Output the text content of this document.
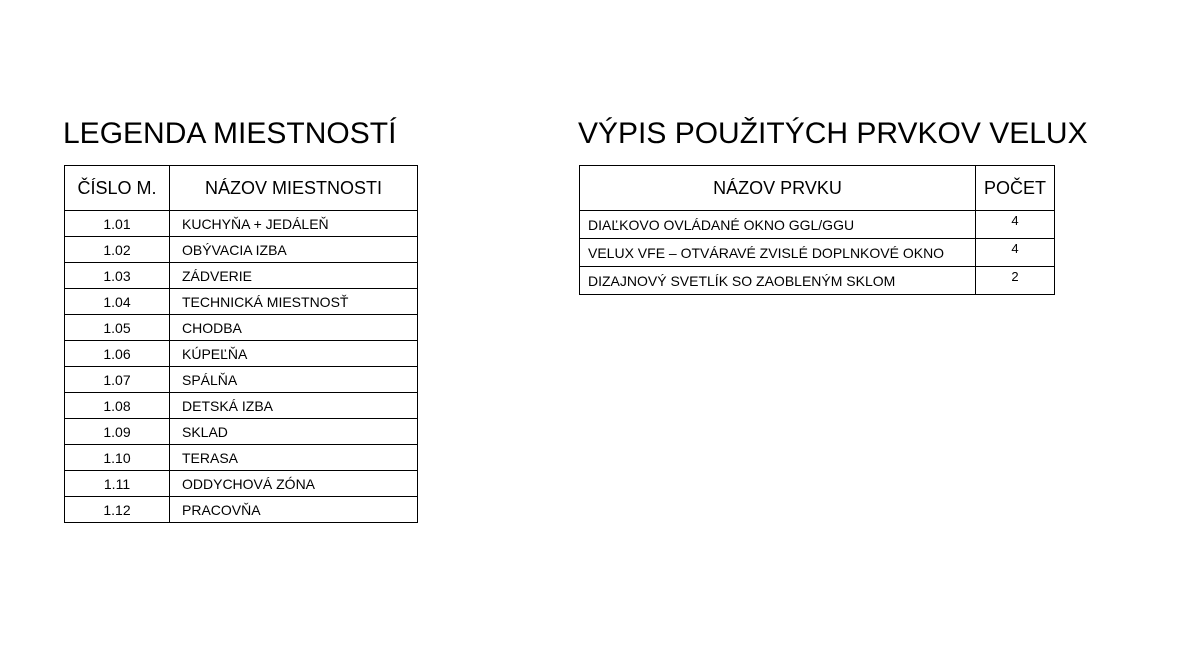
LEGENDA MIESTNOSTÍ
ČÍSLO M.	NÁZOV MIESTNOSTI
1.01	KUCHYŇA + JEDÁLEŇ
1.02	OBÝVACIA IZBA
1.03	ZÁDVERIE
1.04	TECHNICKÁ MIESTNOSŤ
1.05	CHODBA
1.06	KÚPEĽŇA
1.07	SPÁLŇA
1.08	DETSKÁ IZBA
1.09	SKLAD
1.10	TERASA
1.11	ODDYCHOVÁ ZÓNA
1.12	PRACOVŇA
VÝPIS POUŽITÝCH PRVKOV VELUX
NÁZOV PRVKU	POČET
DIAĽKOVO OVLÁDANÉ OKNO GGL/GGU	4
VELUX VFE – OTVÁRAVÉ ZVISLÉ DOPLNKOVÉ OKNO	4
DIZAJNOVÝ SVETLÍK SO ZAOBLENÝM SKLOM	2
